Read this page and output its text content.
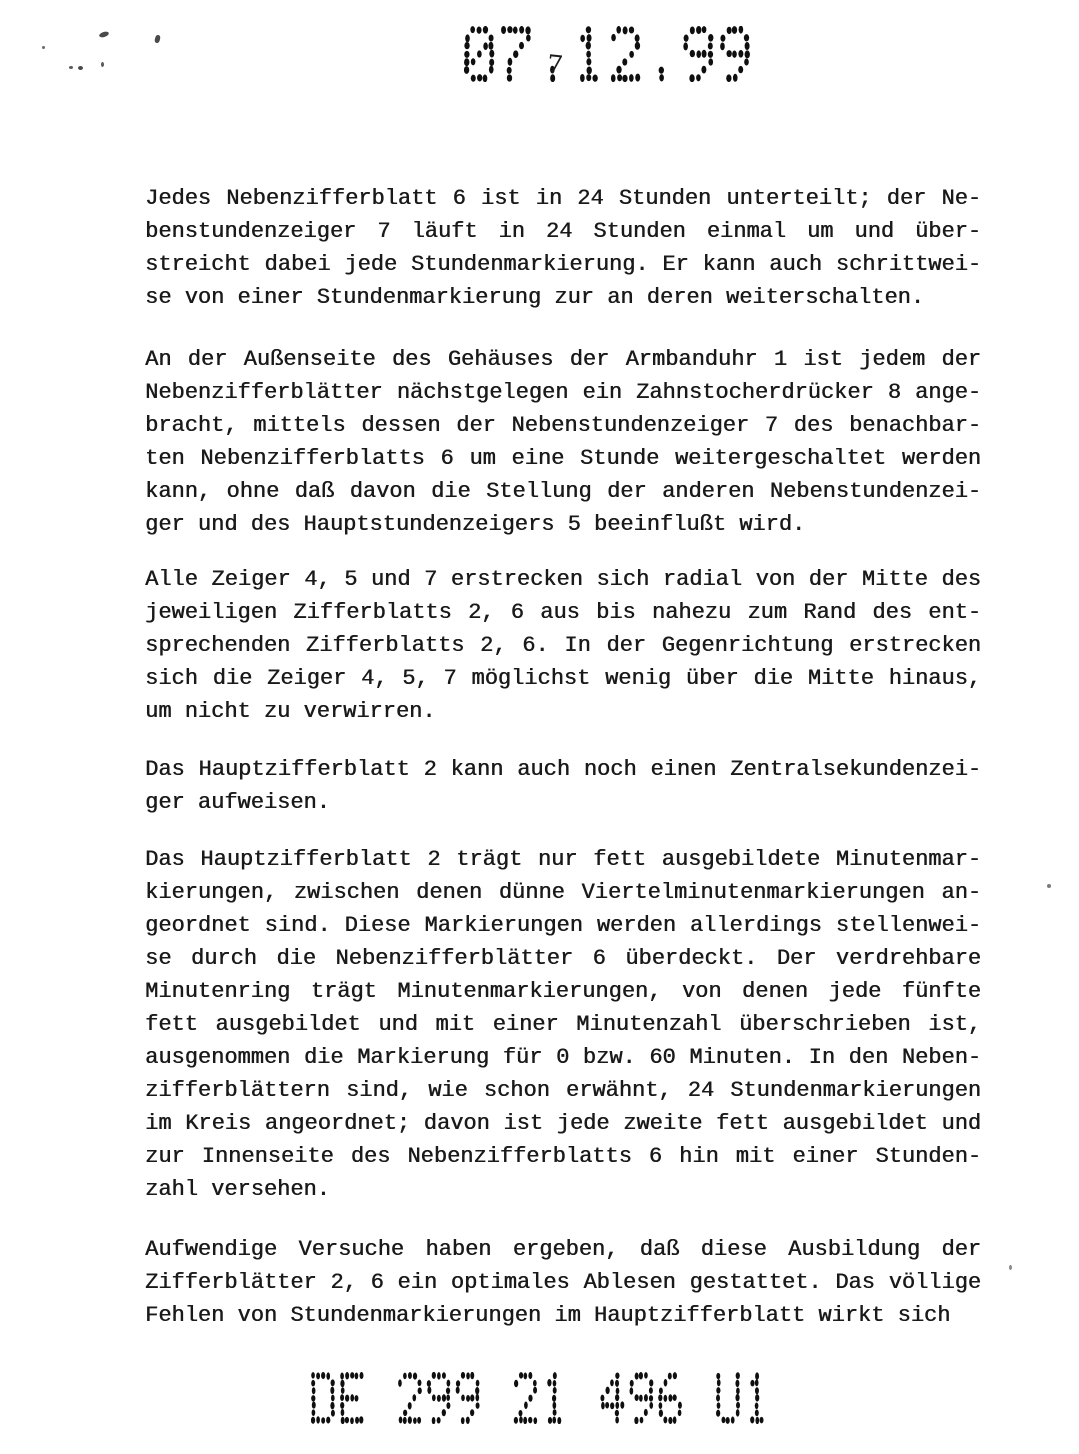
7
Jedes Nebenzifferblatt 6 ist in 24 Stunden unterteilt; der Ne-
benstundenzeiger 7 läuft in 24 Stunden einmal um und über-
streicht dabei jede Stundenmarkierung. Er kann auch schrittwei-
se von einer Stundenmarkierung zur an deren weiterschalten.
An der Außenseite des Gehäuses der Armbanduhr 1 ist jedem der
Nebenzifferblätter nächstgelegen ein Zahnstocherdrücker 8 ange-
bracht, mittels dessen der Nebenstundenzeiger 7 des benachbar-
ten Nebenzifferblatts 6 um eine Stunde weitergeschaltet werden
kann, ohne daß davon die Stellung der anderen Nebenstundenzei-
ger und des Hauptstundenzeigers 5 beeinflußt wird.
Alle Zeiger 4, 5 und 7 erstrecken sich radial von der Mitte des
jeweiligen Zifferblatts 2, 6 aus bis nahezu zum Rand des ent-
sprechenden Zifferblatts 2, 6. In der Gegenrichtung erstrecken
sich die Zeiger 4, 5, 7 möglichst wenig über die Mitte hinaus,
um nicht zu verwirren.
Das Hauptzifferblatt 2 kann auch noch einen Zentralsekundenzei-
ger aufweisen.
Das Hauptzifferblatt 2 trägt nur fett ausgebildete Minutenmar-
kierungen, zwischen denen dünne Viertelminutenmarkierungen an-
geordnet sind. Diese Markierungen werden allerdings stellenwei-
se durch die Nebenzifferblätter 6 überdeckt. Der verdrehbare
Minutenring trägt Minutenmarkierungen, von denen jede fünfte
fett ausgebildet und mit einer Minutenzahl überschrieben ist,
ausgenommen die Markierung für 0 bzw. 60 Minuten. In den Neben-
zifferblättern sind, wie schon erwähnt, 24 Stundenmarkierungen
im Kreis angeordnet; davon ist jede zweite fett ausgebildet und
zur Innenseite des Nebenzifferblatts 6 hin mit einer Stunden-
zahl versehen.
Aufwendige Versuche haben ergeben, daß diese Ausbildung der
Zifferblätter 2, 6 ein optimales Ablesen gestattet. Das völlige
Fehlen von Stundenmarkierungen im Hauptzifferblatt wirkt sich
